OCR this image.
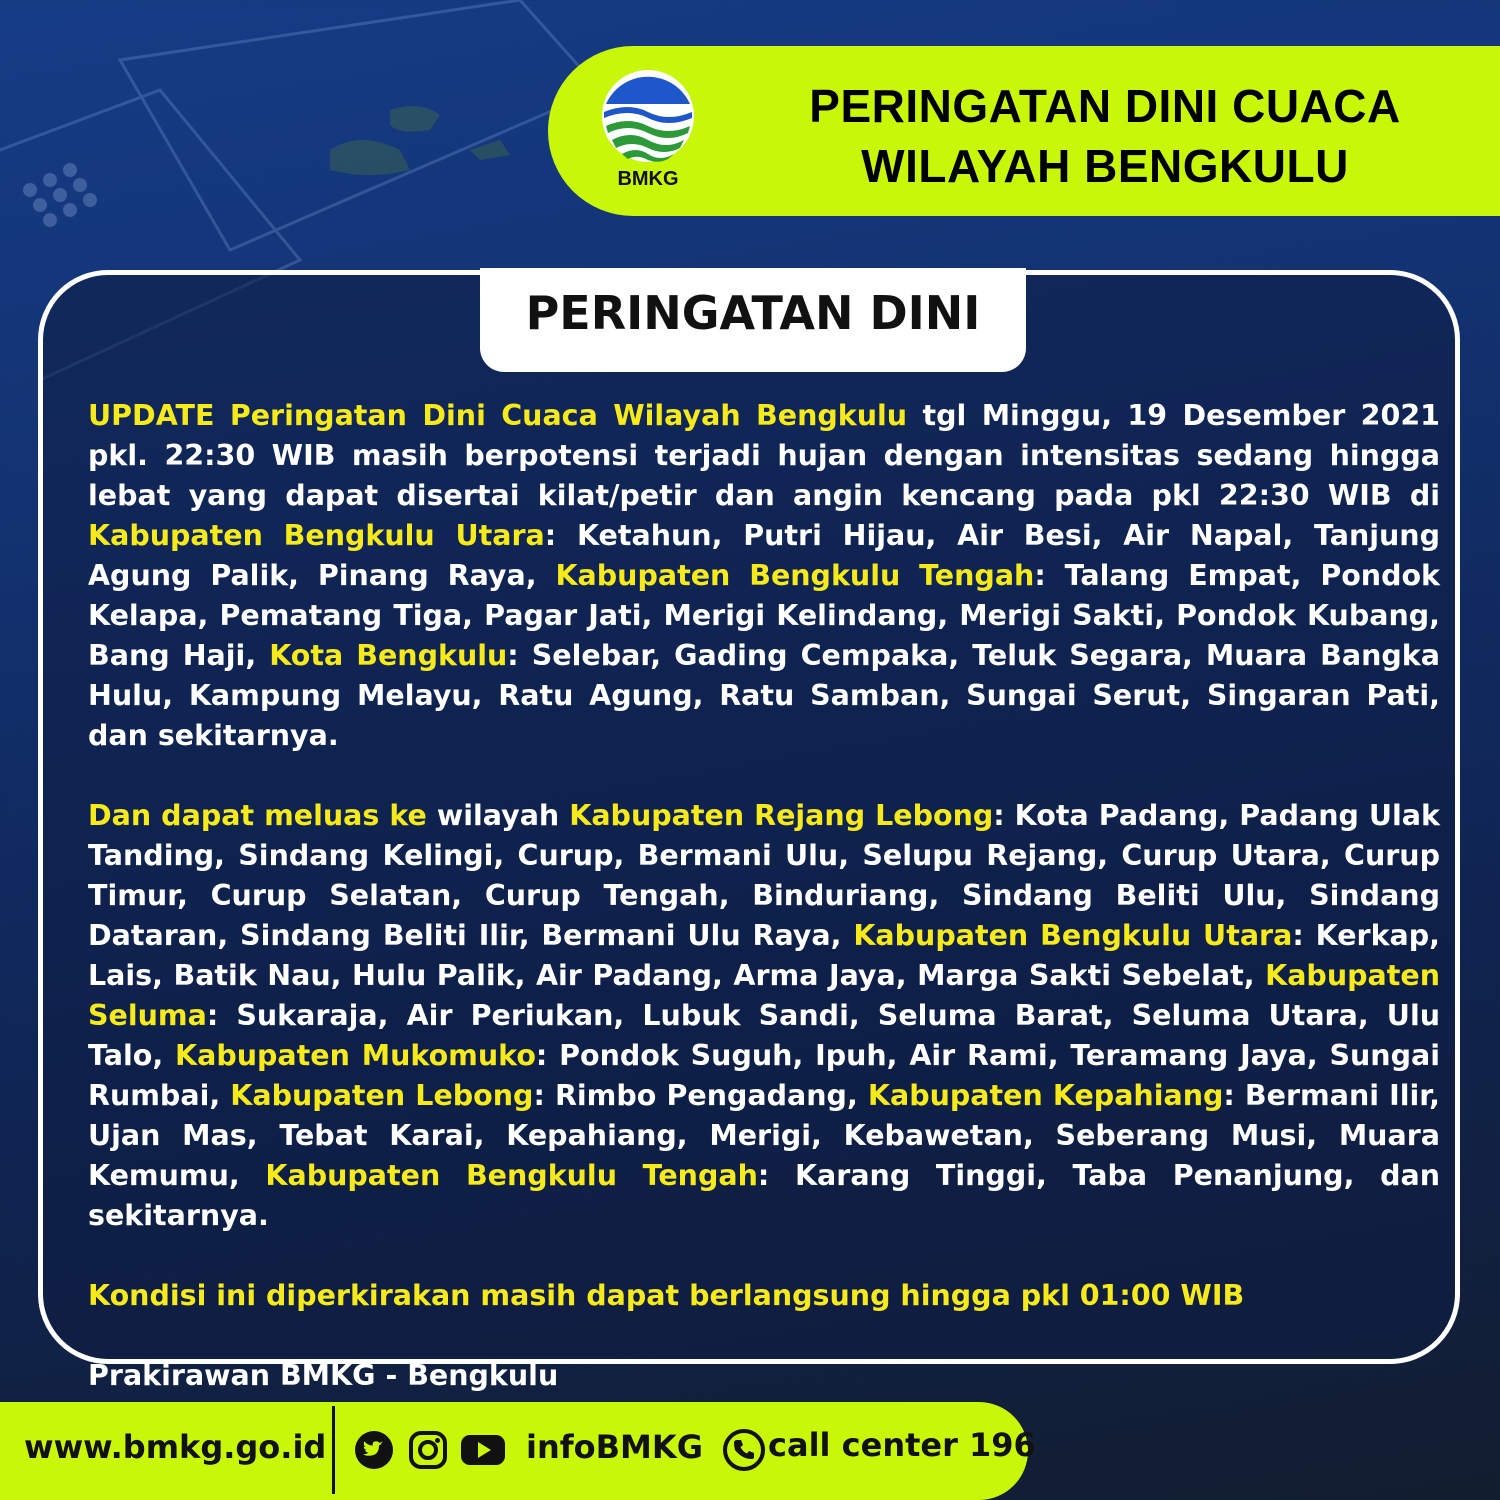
BMKG
PERINGATAN DINI CUACA
WILAYAH BENGKULU
PERINGATAN DINI

UPDATE Peringatan Dini Cuaca Wilayah Bengkulu tgl Minggu, 19 Desember 2021 pkl. 22:30 WIB masih berpotensi terjadi hujan dengan intensitas sedang hingga lebat yang dapat disertai kilat/petir dan angin kencang pada pkl 22:30 WIB di Kabupaten Bengkulu Utara: Ketahun, Putri Hijau, Air Besi, Air Napal, Tanjung Agung Palik, Pinang Raya, Kabupaten Bengkulu Tengah: Talang Empat, Pondok Kelapa, Pematang Tiga, Pagar Jati, Merigi Kelindang, Merigi Sakti, Pondok Kubang, Bang Haji, Kota Bengkulu: Selebar, Gading Cempaka, Teluk Segara, Muara Bangka Hulu, Kampung Melayu, Ratu Agung, Ratu Samban, Sungai Serut, Singaran Pati, dan sekitarnya.

Dan dapat meluas ke wilayah Kabupaten Rejang Lebong: Kota Padang, Padang Ulak Tanding, Sindang Kelingi, Curup, Bermani Ulu, Selupu Rejang, Curup Utara, Curup Timur, Curup Selatan, Curup Tengah, Binduriang, Sindang Beliti Ulu, Sindang Dataran, Sindang Beliti Ilir, Bermani Ulu Raya, Kabupaten Bengkulu Utara: Kerkap, Lais, Batik Nau, Hulu Palik, Air Padang, Arma Jaya, Marga Sakti Sebelat, Kabupaten Seluma: Sukaraja, Air Periukan, Lubuk Sandi, Seluma Barat, Seluma Utara, Ulu Talo, Kabupaten Mukomuko: Pondok Suguh, Ipuh, Air Rami, Teramang Jaya, Sungai Rumbai, Kabupaten Lebong: Rimbo Pengadang, Kabupaten Kepahiang: Bermani Ilir, Ujan Mas, Tebat Karai, Kepahiang, Merigi, Kebawetan, Seberang Musi, Muara Kemumu, Kabupaten Bengkulu Tengah: Karang Tinggi, Taba Penanjung, dan sekitarnya.

Kondisi ini diperkirakan masih dapat berlangsung hingga pkl 01:00 WIB

Prakirawan BMKG - Bengkulu

www.bmkg.go.id	infoBMKG call center 196
